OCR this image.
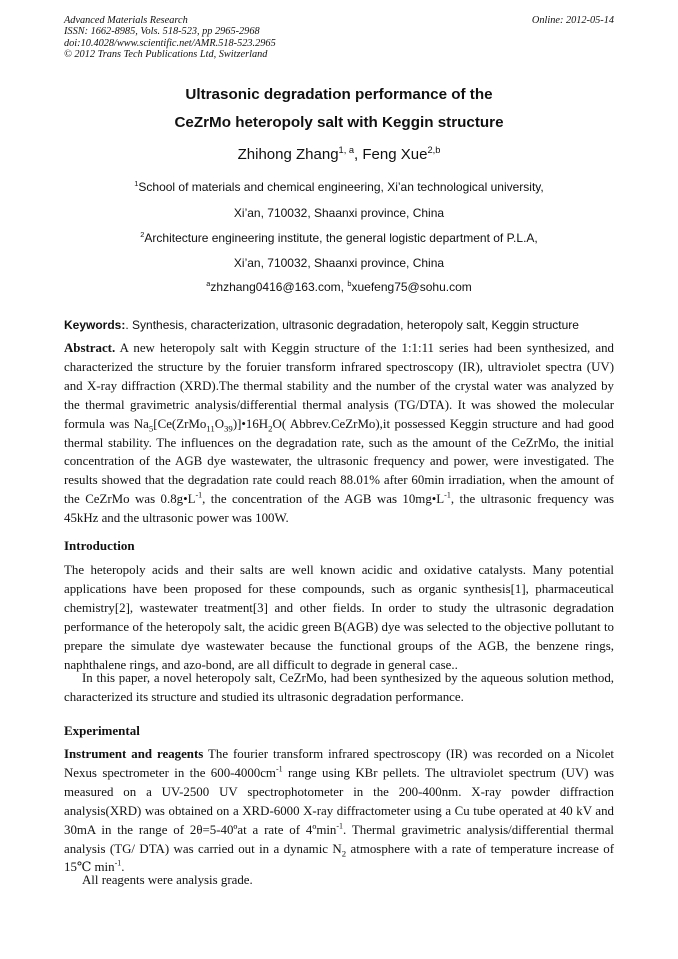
Advanced Materials Research
ISSN: 1662-8985, Vols. 518-523, pp 2965-2968
doi:10.4028/www.scientific.net/AMR.518-523.2965
© 2012 Trans Tech Publications Ltd, Switzerland
Online: 2012-05-14
Ultrasonic degradation performance of the
CeZrMo heteropoly salt with Keggin structure
Zhihong Zhang$^{1, a}$, Feng Xue$^{2,b}$
$^1$School of materials and chemical engineering, Xi’an technological university,
Xi’an, 710032, Shaanxi province, China
$^2$Architecture engineering institute, the general logistic department of P.L.A,
Xi’an, 710032, Shaanxi province, China
$^a$zhzhang0416@163.com, $^b$xuefeng75@sohu.com
Keywords:. Synthesis, characterization, ultrasonic degradation, heteropoly salt, Keggin structure

Abstract. A new heteropoly salt with Keggin structure of the 1:1:11 series had been synthesized, and characterized the structure by the foruier transform infrared spectroscopy (IR), ultraviolet spectra (UV) and X-ray diffraction (XRD).The thermal stability and the number of the crystal water was analyzed by the thermal gravimetric analysis/differential thermal analysis (TG/DTA). It was showed the molecular formula was $Na_5[Ce(ZrMo_{11}O_{39})]•16H_2O$( Abbrev.CeZrMo),it possessed Keggin structure and had good thermal stability. The influences on the degradation rate, such as the amount of the CeZrMo, the initial concentration of the AGB dye wastewater, the ultrasonic frequency and power, were investigated. The results showed that the degradation rate could reach 88.01% after 60min irradiation, when the amount of the CeZrMo was $0.8g•L^{-1}$, the concentration of the AGB was $10mg•L^{-1}$, the ultrasonic frequency was 45kHz and the ultrasonic power was 100W.

Introduction

The heteropoly acids and their salts are well known acidic and oxidative catalysts. Many potential applications have been proposed for these compounds, such as organic synthesis[1], pharmaceutical chemistry[2], wastewater treatment[3] and other fields. In order to study the ultrasonic degradation performance of the heteropoly salt, the acidic green B(AGB) dye was selected to the objective pollutant to prepare the simulate dye wastewater because the functional groups of the AGB, the benzene rings, naphthalene rings, and azo-bond, are all difficult to degrade in general case..

In this paper, a novel heteropoly salt, CeZrMo, had been synthesized by the aqueous solution method, characterized its structure and studied its ultrasonic degradation performance.

Experimental

Instrument and reagents The fourier transform infrared spectroscopy (IR) was recorded on a Nicolet Nexus spectrometer in the $600-4000cm^{-1}$ range using KBr pellets. The ultraviolet spectrum (UV) was measured on a UV-2500 UV spectrophotometer in the 200-400nm. X-ray powder diffraction analysis(XRD) was obtained on a XRD-6000 X-ray diffractometer using a Cu tube operated at 40 kV and 30mA in the range of 2θ=5-40ºat a rate of 4ºmin$^{-1}$. Thermal gravimetric analysis/differential thermal analysis (TG/ DTA) was carried out in a dynamic $N_2$ atmosphere with a rate of temperature increase of 15℃ $\min^{-1}$.

All reagents were analysis grade.
